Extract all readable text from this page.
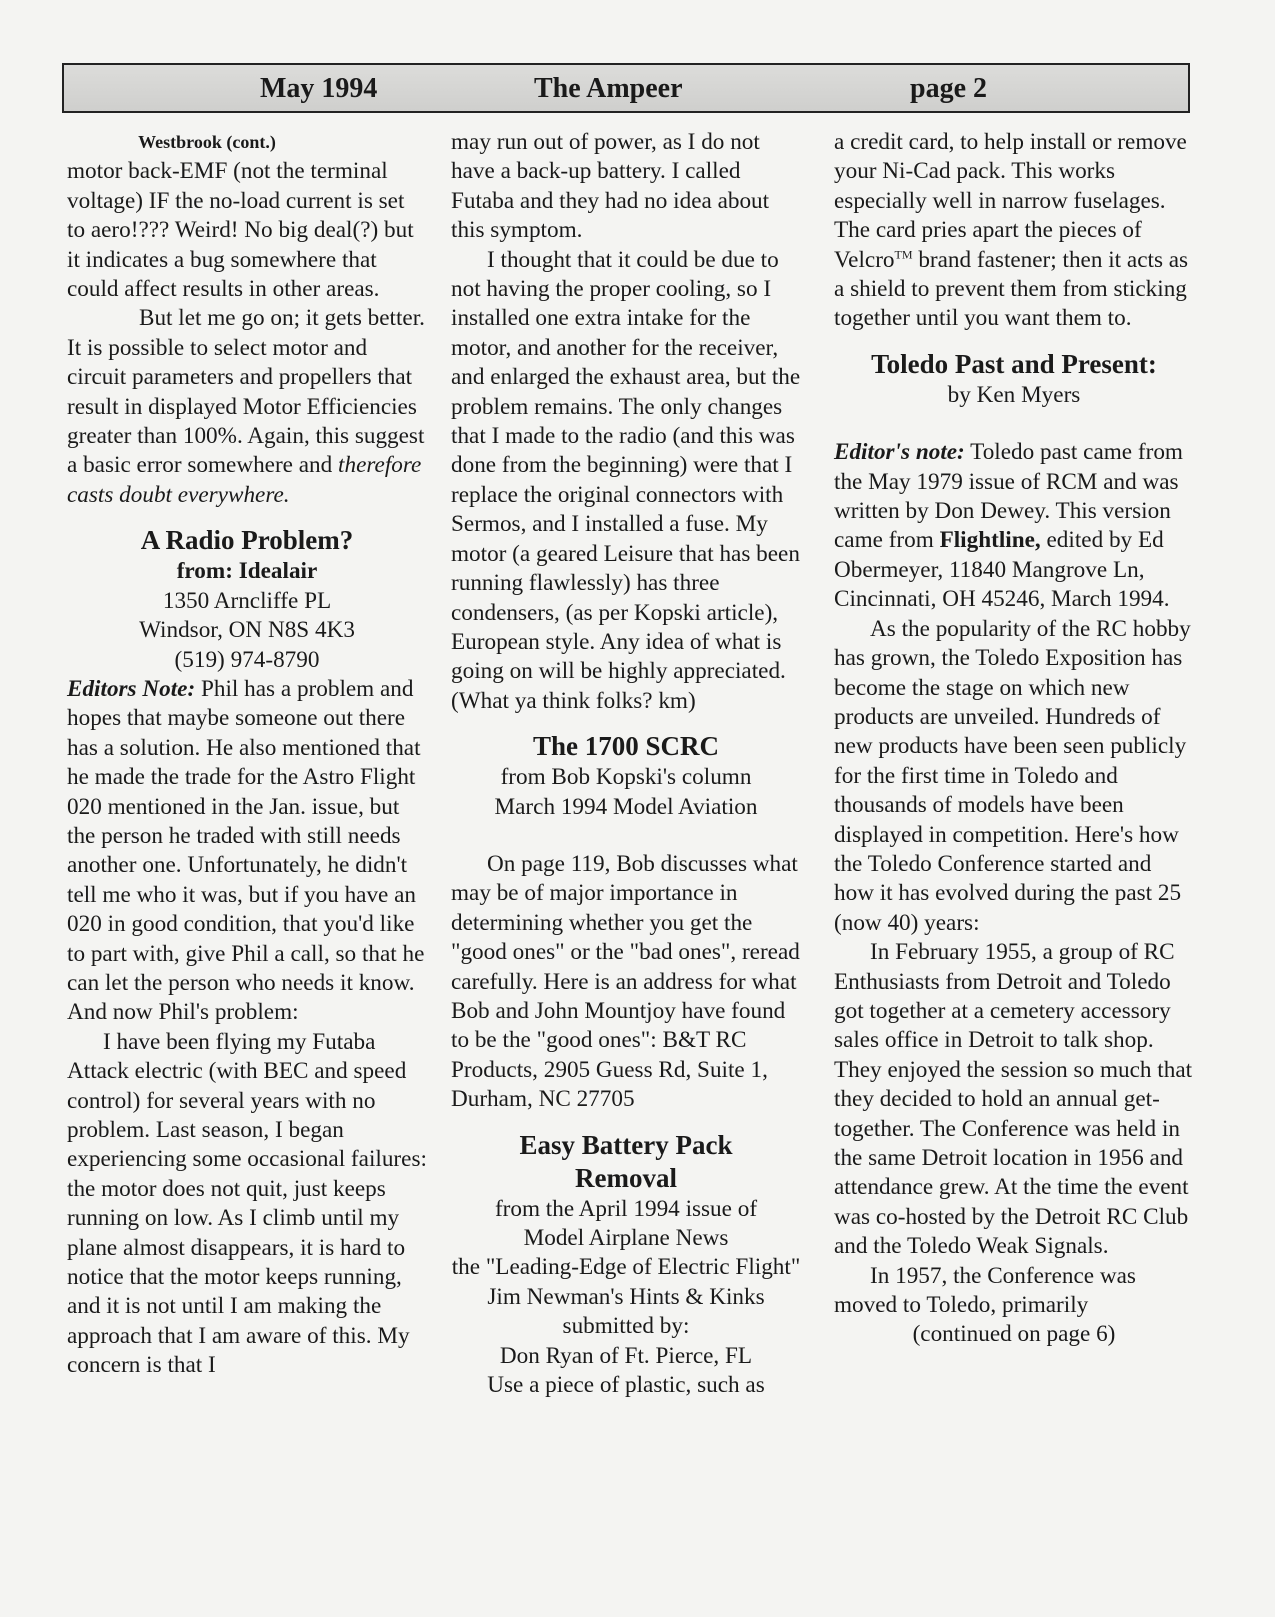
May 1994	The Ampeer	page 2

Westbrook (cont.)

motor back-EMF (not the terminal voltage) IF the no-load current is set to aero!??? Weird! No big deal(?) but it indicates a bug somewhere that could affect results in other areas.

But let me go on; it gets better. It is possible to select motor and circuit parameters and propellers that result in displayed Motor Efficiencies greater than 100%. Again, this suggest a basic error somewhere and therefore casts doubt everywhere.

A Radio Problem?

from: Idealair

1350 Arncliffe PL

Windsor, ON N8S 4K3

(519) 974-8790

Editors Note: Phil has a problem and hopes that maybe someone out there has a solution. He also mentioned that he made the trade for the Astro Flight 020 mentioned in the Jan. issue, but the person he traded with still needs another one. Unfortunately, he didn't tell me who it was, but if you have an 020 in good condition, that you'd like to part with, give Phil a call, so that he can let the person who needs it know. And now Phil's problem:

I have been flying my Futaba Attack electric (with BEC and speed control) for several years with no problem. Last season, I began experiencing some occasional failures: the motor does not quit, just keeps running on low. As I climb until my plane almost disappears, it is hard to notice that the motor keeps running, and it is not until I am making the approach that I am aware of this. My concern is that I

may run out of power, as I do not have a back-up battery. I called Futaba and they had no idea about this symptom.

I thought that it could be due to not having the proper cooling, so I installed one extra intake for the motor, and another for the receiver, and enlarged the exhaust area, but the problem remains. The only changes that I made to the radio (and this was done from the beginning) were that I replace the original connectors with Sermos, and I installed a fuse. My motor (a geared Leisure that has been running flawlessly) has three condensers, (as per Kopski article), European style. Any idea of what is going on will be highly appreciated. (What ya think folks? km)

The 1700 SCRC

from Bob Kopski's column

March 1994 Model Aviation

On page 119, Bob discusses what may be of major importance in determining whether you get the "good ones" or the "bad ones", reread carefully. Here is an address for what Bob and John Mountjoy have found to be the "good ones": B&T RC Products, 2905 Guess Rd, Suite 1, Durham, NC 27705

Easy Battery Pack
Removal

from the April 1994 issue of

Model Airplane News

the "Leading-Edge of Electric Flight"

Jim Newman's Hints & Kinks

submitted by:

Don Ryan of Ft. Pierce, FL

Use a piece of plastic, such as

a credit card, to help install or remove your Ni-Cad pack. This works especially well in narrow fuselages. The card pries apart the pieces of Velcro™ brand fastener; then it acts as a shield to prevent them from sticking together until you want them to.

Toledo Past and Present:

by Ken Myers

Editor's note: Toledo past came from the May 1979 issue of RCM and was written by Don Dewey. This version came from Flightline, edited by Ed Obermeyer, 11840 Mangrove Ln, Cincinnati, OH 45246, March 1994.

As the popularity of the RC hobby has grown, the Toledo Exposition has become the stage on which new products are unveiled. Hundreds of new products have been seen publicly for the first time in Toledo and thousands of models have been displayed in competition. Here's how the Toledo Conference started and how it has evolved during the past 25 (now 40) years:

In February 1955, a group of RC Enthusiasts from Detroit and Toledo got together at a cemetery accessory sales office in Detroit to talk shop. They enjoyed the session so much that they decided to hold an annual get-together. The Conference was held in the same Detroit location in 1956 and attendance grew. At the time the event was co-hosted by the Detroit RC Club and the Toledo Weak Signals.

In 1957, the Conference was moved to Toledo, primarily

(continued on page 6)
